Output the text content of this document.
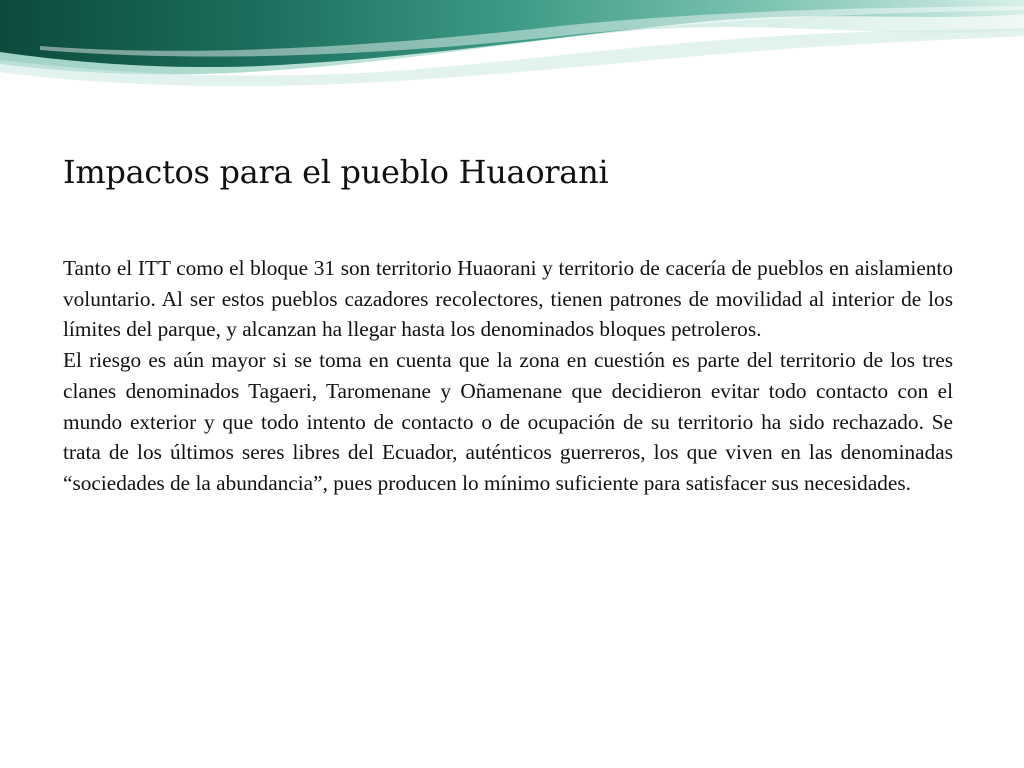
Impactos para el pueblo Huaorani

Tanto el ITT como el bloque 31 son territorio Huaorani y territorio de cacería de pueblos en aislamiento voluntario. Al ser estos pueblos cazadores recolectores, tienen patrones de movilidad al interior de los límites del parque, y alcanzan ha llegar hasta los denominados bloques petroleros.

El riesgo es aún mayor si se toma en cuenta que la zona en cuestión es parte del territorio de los tres clanes denominados Tagaeri, Taromenane y Oñamenane que decidieron evitar todo contacto con el mundo exterior y que todo intento de contacto o de ocupación de su territorio ha sido rechazado. Se trata de los últimos seres libres del Ecuador, auténticos guerreros, los que viven en las denominadas “sociedades de la abundancia”, pues producen lo mínimo suficiente para satisfacer sus necesidades.
